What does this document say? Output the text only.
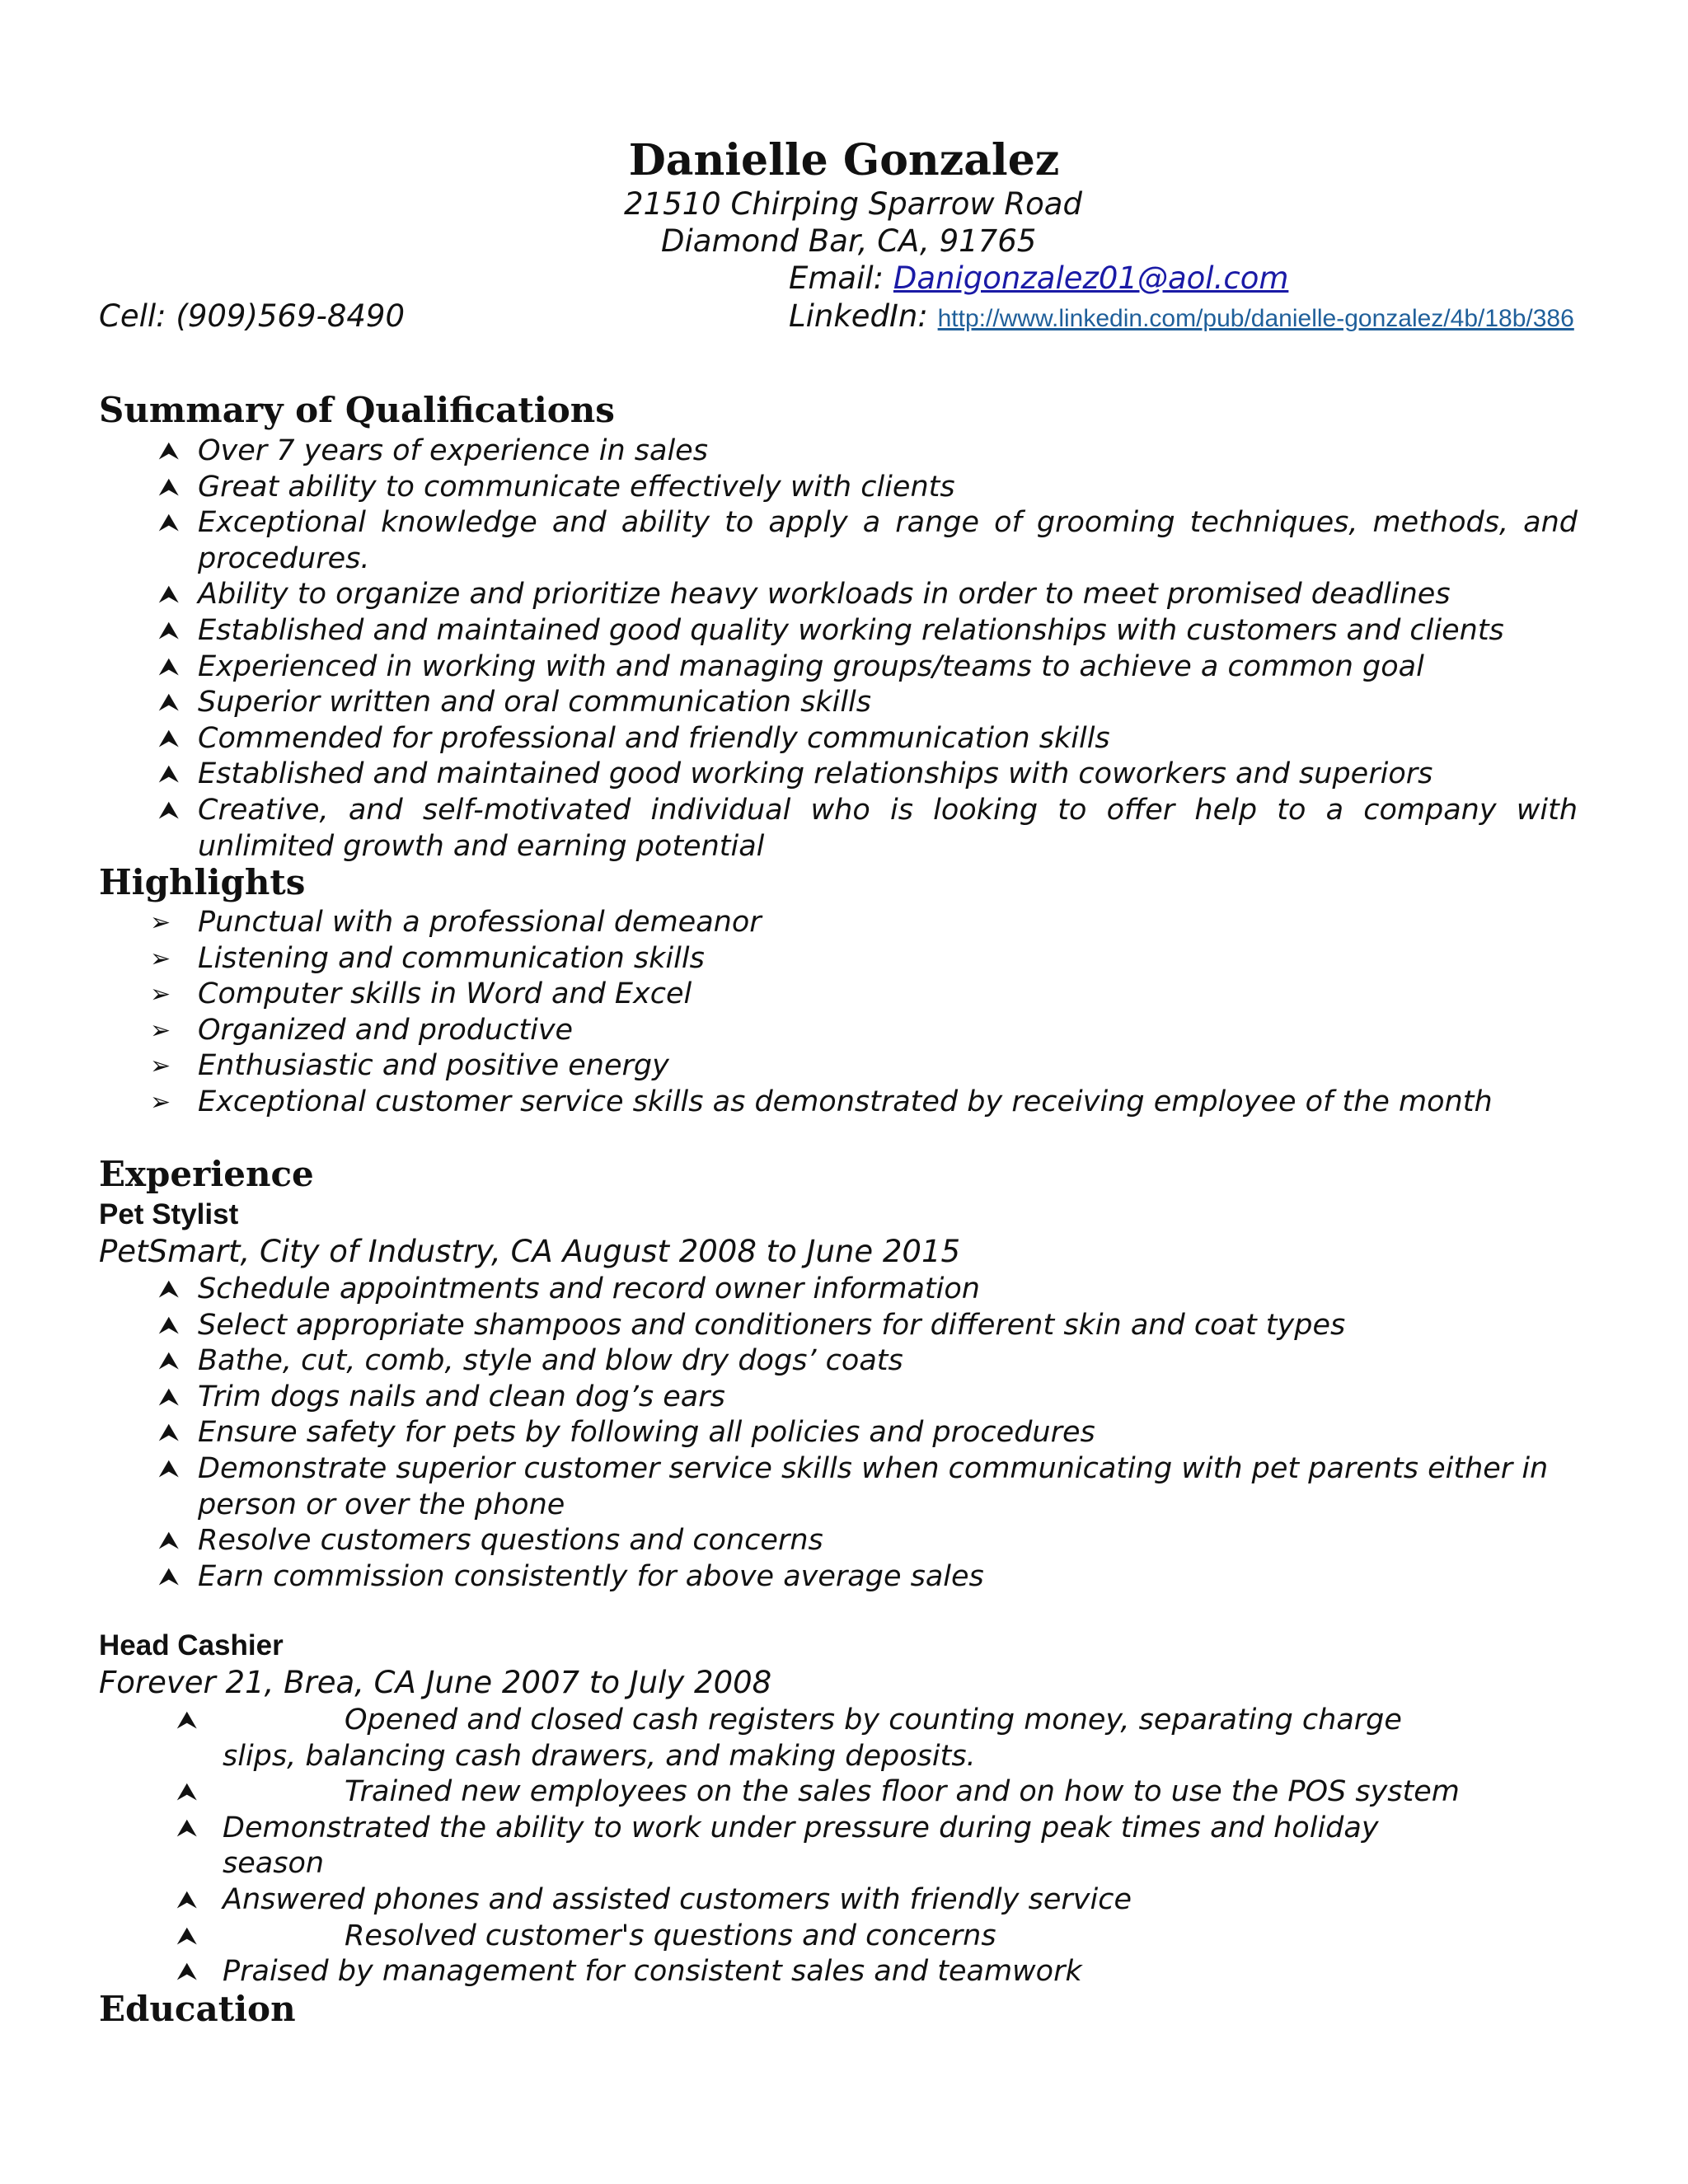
Danielle Gonzalez
21510 Chirping Sparrow Road
Diamond Bar, CA, 91765
Email: Danigonzalez01@aol.com
Cell: (909)569-8490	LinkedIn: http://www.linkedin.com/pub/danielle-gonzalez/4b/18b/386
Summary of Qualifications
⮝ Over 7 years of experience in sales
⮝ Great ability to communicate effectively with clients
⮝ Exceptional knowledge and ability to apply a range of grooming techniques, methods, and procedures.
⮝ Ability to organize and prioritize heavy workloads in order to meet promised deadlines
⮝ Established and maintained good quality working relationships with customers and clients
⮝ Experienced in working with and managing groups/teams to achieve a common goal
⮝ Superior written and oral communication skills
⮝ Commended for professional and friendly communication skills
⮝ Established and maintained good working relationships with coworkers and superiors
⮝ Creative, and self-motivated individual who is looking to offer help to a company with unlimited growth and earning potential
Highlights
➢ Punctual with a professional demeanor
➢ Listening and communication skills
➢ Computer skills in Word and Excel
➢ Organized and productive
➢ Enthusiastic and positive energy
➢ Exceptional customer service skills as demonstrated by receiving employee of the month
Experience
Pet Stylist
PetSmart, City of Industry, CA August 2008 to June 2015
⮝ Schedule appointments and record owner information
⮝ Select appropriate shampoos and conditioners for different skin and coat types
⮝ Bathe, cut, comb, style and blow dry dogs’ coats
⮝ Trim dogs nails and clean dog’s ears
⮝ Ensure safety for pets by following all policies and procedures
⮝ Demonstrate superior customer service skills when communicating with pet parents either in person or over the phone
⮝ Resolve customers questions and concerns
⮝ Earn commission consistently for above average sales
Head Cashier
Forever 21, Brea, CA June 2007 to July 2008
⮝	Opened and closed cash registers by counting money, separating charge slips, balancing cash drawers, and making deposits.
⮝	Trained new employees on the sales floor and on how to use the POS system
⮝ Demonstrated the ability to work under pressure during peak times and holiday season
⮝ Answered phones and assisted customers with friendly service
⮝	Resolved customer's questions and concerns
⮝ Praised by management for consistent sales and teamwork
Education
